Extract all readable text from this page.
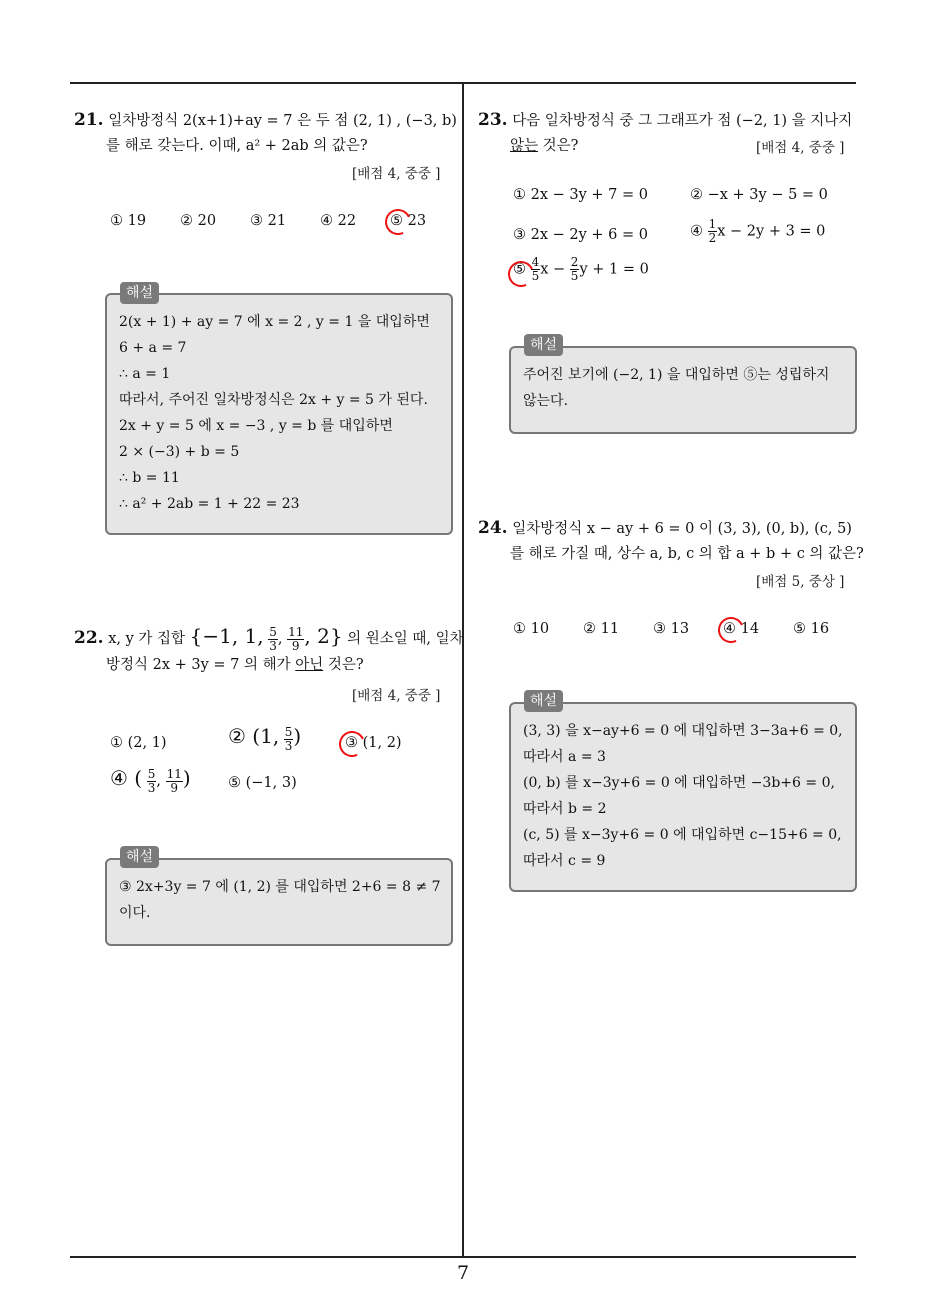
7
21. 일차방정식 2(x+1)+ay = 7 은 두 점 (2, 1) , (−3, b)
를 해로 갖는다. 이때, a² + 2ab 의 값은?
[배점 4, 중중 ]
① 19 ② 20 ③ 21 ④ 22 ⑤ 23
2(x + 1) + ay = 7 에 x = 2 , y = 1 을 대입하면
6 + a = 7
∴ a = 1
따라서, 주어진 일차방정식은 2x + y = 5 가 된다.
2x + y = 5 에 x = −3 , y = b 를 대입하면
2 × (−3) + b = 5
∴ b = 11
∴ a² + 2ab = 1 + 22 = 23
해설
22. x, y 가 집합 {−1, 1, $\frac{5}{3}$ , $\frac{11}{9}$ , 2} 의 원소일 때, 일차
방정식 2x + 3y = 7 의 해가 아닌 것은?
[배점 4, 중중 ]
① (2, 1)	② (1, $\frac{5}{3}$ )	③ (1, 2)
④ ( $\frac{5}{3}$ , $\frac{11}{9}$ )	⑤ (−1, 3)
③ 2x+3y = 7 에 (1, 2) 를 대입하면 2+6 = 8 ≠ 7
이다.
해설
23. 다음 일차방정식 중 그 그래프가 점 (−2, 1) 을 지나지
않는 것은?	[배점 4, 중중 ]
① 2x − 3y + 7 = 0	② −x + 3y − 5 = 0
③ 2x − 2y + 6 = 0	④ $\frac{1}{2}$ x − 2y + 3 = 0
⑤ $\frac{4}{5}$ $x - \frac{2}{5}$ y + 1 = 0
주어진 보기에 (−2, 1) 을 대입하면 ⑤는 성립하지
않는다.
해설
24. 일차방정식 x − ay + 6 = 0 이 (3, 3), (0, b), (c, 5)
를 해로 가질 때, 상수 a, b, c 의 합 a + b + c 의 값은?
[배점 5, 중상 ]
① 10 ② 11 ③ 13 ④ 14 ⑤ 16
(3, 3) 을 x−ay+6 = 0 에 대입하면 3−3a+6 = 0,
따라서 a = 3
(0, b) 를 x−3y+6 = 0 에 대입하면 −3b+6 = 0,
따라서 b = 2
(c, 5) 를 x−3y+6 = 0 에 대입하면 c−15+6 = 0,
따라서 c = 9
해설
